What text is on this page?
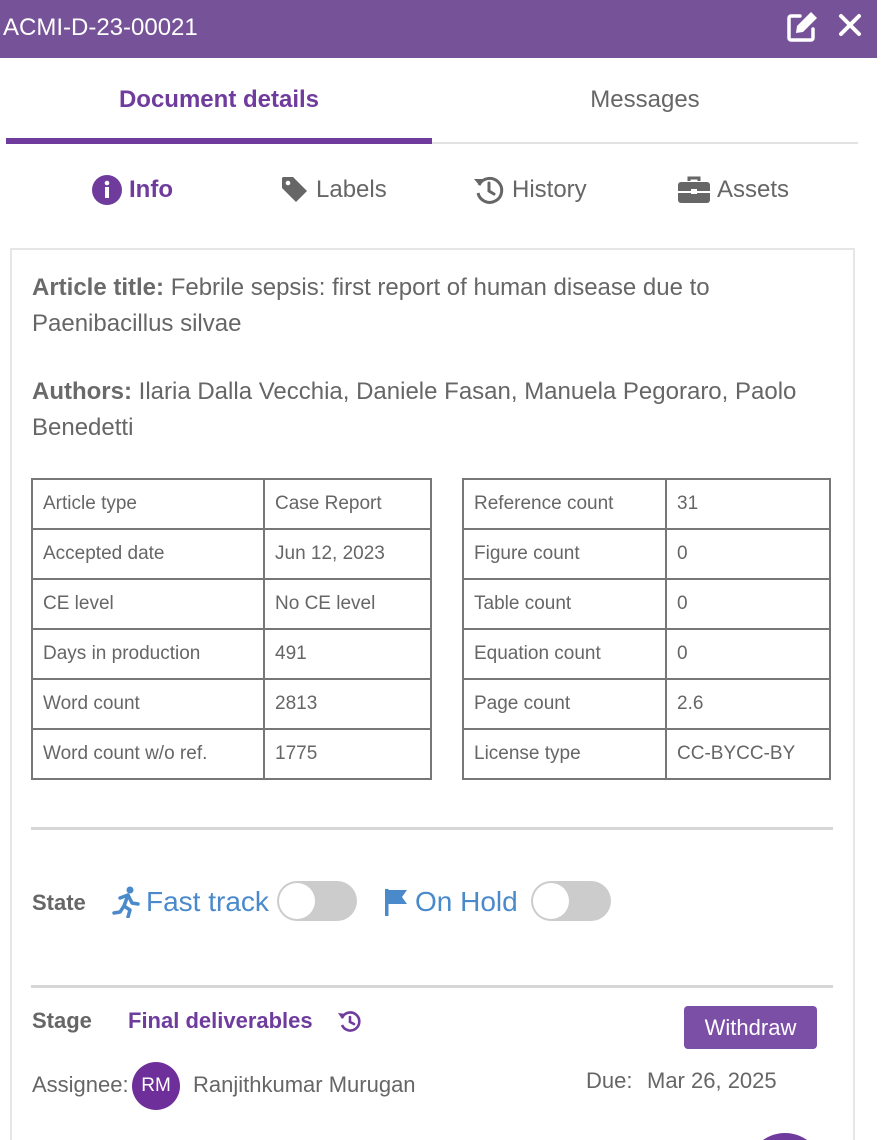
ACMI-D-23-00021
Document details	Messages
Info	Labels	History	Assets
Article title: Febrile sepsis: first report of human disease due to Paenibacillus silvae
Authors: Ilaria Dalla Vecchia, Daniele Fasan, Manuela Pegoraro, Paolo Benedetti
Article type	Case Report
Accepted date	Jun 12, 2023
CE level	No CE level
Days in production	491
Word count	2813
Word count w/o ref.	1775
Reference count	31
Figure count	0
Table count	0
Equation count	0
Page count	2.6
License type	CC-BYCC-BY
State Fast track	On Hold
Stage Final deliverables	Withdraw
Assignee: RM	Ranjithkumar Murugan	Due: Mar 26, 2025
